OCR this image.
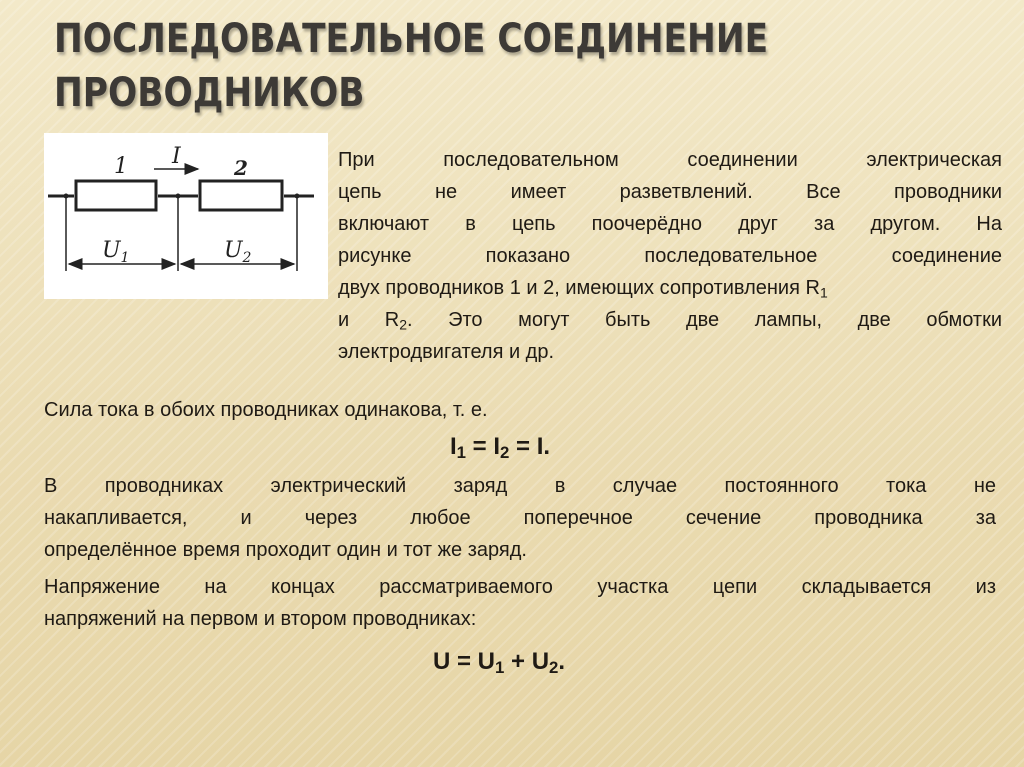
ПОСЛЕДОВАТЕЛЬНОЕ СОЕДИНЕНИЕ
ПРОВОДНИКОВ
1	2
I
$U_1$	$U_2$
При последовательном соединении электрическая
цепь не имеет разветвлений. Все проводники
включают в цепь поочерёдно друг за другом. На
рисунке показано последовательное соединение
двух проводников 1 и 2, имеющих сопротивления $R_1$
и $R_2$. Это могут быть две лампы, две обмотки
электродвигателя и др.
Сила тока в обоих проводниках одинакова, т. е.
$I_1 = I_2 = I$.
В проводниках электрический заряд в случае постоянного тока не
накапливается, и через любое поперечное сечение проводника за
определённое время проходит один и тот же заряд.
Напряжение на концах рассматриваемого участка цепи складывается из
напряжений на первом и втором проводниках:
$U = U_1 + U_2$.
